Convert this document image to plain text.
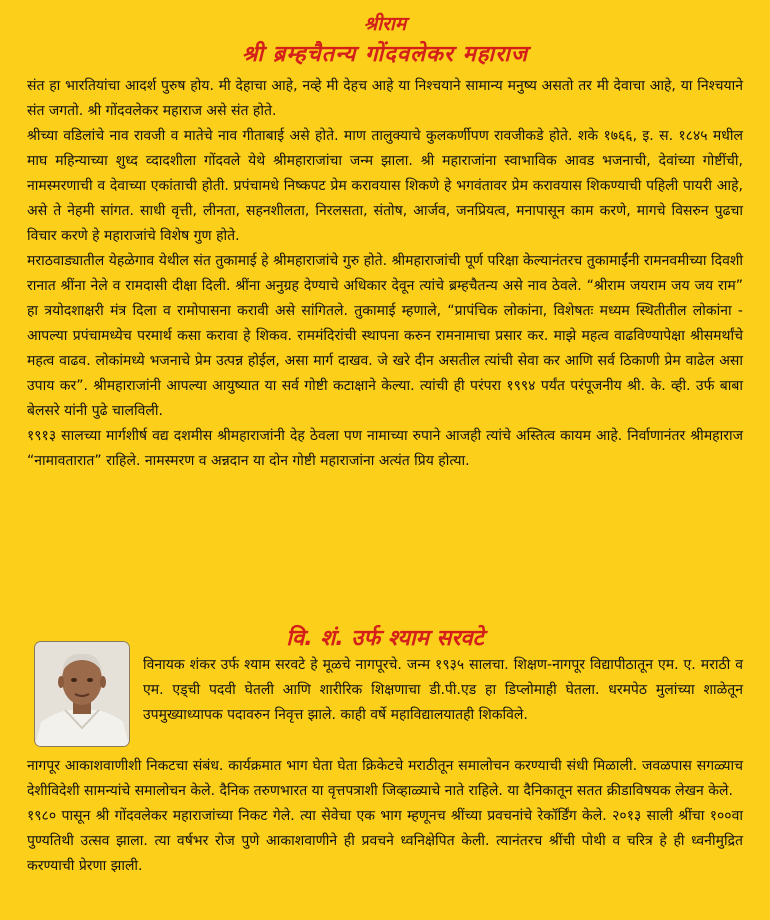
श्रीराम
श्री ब्रम्हचैतन्य गोंदवलेकर महाराज

संत हा भारतियांचा आदर्श पुरुष होय. मी देहाचा आहे, नव्हे मी देहच आहे या निश्चयाने सामान्य मनुष्य असतो तर मी देवाचा आहे, या निश्चयाने संत जगतो. श्री गोंदवलेकर महाराज असे संत होते.

श्रीच्या वडिलांचे नाव रावजी व मातेचे नाव गीताबाई असे होते. माण तालुक्याचे कुलकर्णीपण रावजीकडे होते. शके १७६६, इ. स. १८४५ मधील माघ महिन्याच्या शुध्द व्दादशीला गोंदवले येथे श्रीमहाराजांचा जन्म झाला. श्री महाराजांना स्वाभाविक आवड भजनाची, देवांच्या गोष्टींची, नामस्मरणाची व देवाच्या एकांताची होती. प्रपंचामधे निष्कपट प्रेम करावयास शिकणे हे भगवंतावर प्रेम करावयास शिकण्याची पहिली पायरी आहे, असे ते नेहमी सांगत. साधी वृत्ती, लीनता, सहनशीलता, निरलसता, संतोष, आर्जव, जनप्रियत्व, मनापासून काम करणे, मागचे विसरुन पुढचा विचार करणे हे महाराजांचे विशेष गुण होते.

मराठवाड्यातील येहळेगाव येथील संत तुकामाई हे श्रीमहाराजांचे गुरु होते. श्रीमहाराजांची पूर्ण परिक्षा केल्यानंतरच तुकामाईंनी रामनवमीच्या दिवशी रानात श्रींना नेले व रामदासी दीक्षा दिली. श्रींना अनुग्रह देण्याचे अधिकार देवून त्यांचे ब्रम्हचैतन्य असे नाव ठेवले. “श्रीराम जयराम जय जय राम” हा त्रयोदशाक्षरी मंत्र दिला व रामोपासना करावी असे सांगितले. तुकामाई म्हणाले, “प्रापंचिक लोकांना, विशेषतः मध्यम स्थितीतील लोकांना - आपल्या प्रपंचामध्येच परमार्थ कसा करावा हे शिकव. राममंदिरांची स्थापना करुन रामनामाचा प्रसार कर. माझे महत्व वाढविण्यापेक्षा श्रीसमर्थांचे महत्व वाढव. लोकांमध्ये भजनाचे प्रेम उत्पन्न होईल, असा मार्ग दाखव. जे खरे दीन असतील त्यांची सेवा कर आणि सर्व ठिकाणी प्रेम वाढेल असा उपाय कर”. श्रीमहाराजांनी आपल्या आयुष्यात या सर्व गोष्टी कटाक्षाने केल्या. त्यांची ही परंपरा १९९४ पर्यंत परंपूजनीय श्री. के. व्ही. उर्फ बाबा बेलसरे यांनी पुढे चालविली.

१९१३ सालच्या मार्गशीर्ष वद्य दशमीस श्रीमहाराजांनी देह ठेवला पण नामाच्या रुपाने आजही त्यांचे अस्तित्व कायम आहे. निर्वाणानंतर श्रीमहाराज “नामावतारात” राहिले. नामस्मरण व अन्नदान या दोन गोष्टी महाराजांना अत्यंत प्रिय होत्या.

वि. शं. उर्फ श्याम सरवटे

विनायक शंकर उर्फ श्याम सरवटे हे मूळचे नागपूरचे. जन्म १९३५ सालचा. शिक्षण-नागपूर विद्यापीठातून एम. ए. मराठी व एम. एड्ची पदवी घेतली आणि शारीरिक शिक्षणाचा डी.पी.एड हा डिप्लोमाही घेतला. धरमपेठ मुलांच्या शाळेतून उपमुख्याध्यापक पदावरुन निवृत्त झाले. काही वर्षे महाविद्यालयातही शिकविले.

नागपूर आकाशवाणीशी निकटचा संबंध. कार्यक्रमात भाग घेता घेता क्रिकेटचे मराठीतून समालोचन करण्याची संधी मिळाली. जवळपास सगळ्याच देशीविदेशी सामन्यांचे समालोचन केले. दैनिक तरुणभारत या वृत्तपत्राशी जिव्हाळ्याचे नाते राहिले. या दैनिकातून सतत क्रीडाविषयक लेखन केले.

१९८० पासून श्री गोंदवलेकर महाराजांच्या निकट गेले. त्या सेवेचा एक भाग म्हणूनच श्रींच्या प्रवचनांचे रेकॉर्डिंग केले. २०१३ साली श्रींचा १००वा पुण्यतिथी उत्सव झाला. त्या वर्षभर रोज पुणे आकाशवाणीने ही प्रवचने ध्वनिक्षेपित केली. त्यानंतरच श्रींची पोथी व चरित्र हे ही ध्वनीमुद्रित करण्याची प्रेरणा झाली.
